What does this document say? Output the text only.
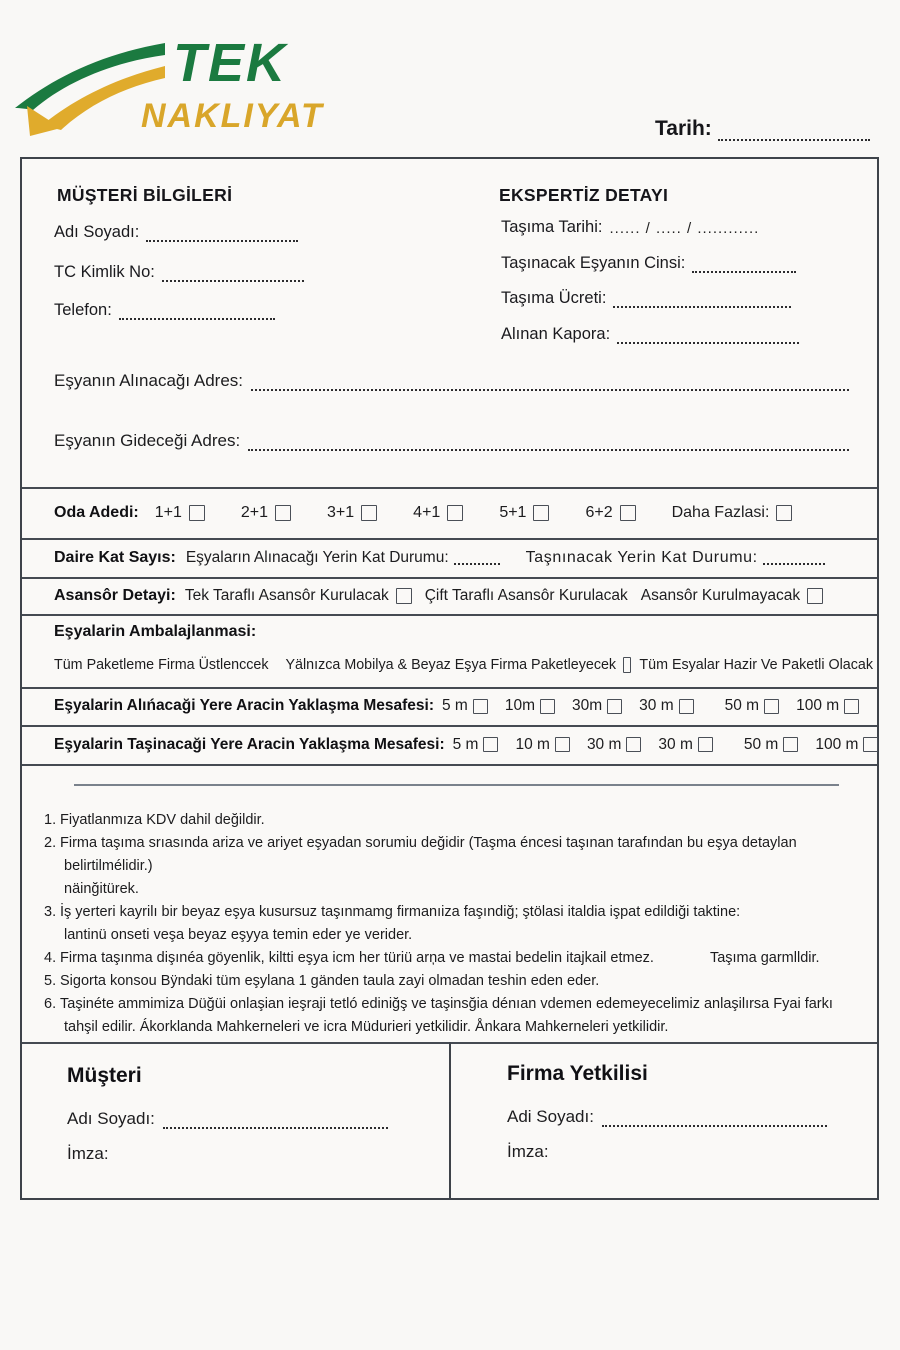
TEK
NAKLIYAT	Tarih:
MÜŞTERİ BİLGİLERİ
Adı Soyadı:
TC Kimlik No:
Telefon:
EKSPERTİZ DETAYI
Taşıma Tarihi: ...... / ..... / ............
Taşınacak Eşyanın Cinsi:
Taşıma Ücreti:
Alınan Kapora:
Eşyanın Alınacağı Adres:
Eşyanın Gideceği Adres:
Oda Adedi: 1+1	2+1	3+1	4+1	5+1	6+2	Daha Fazlasi:
Daire Kat Sayıs: Eşyaların Alınacağı Yerin Kat Durumu:	Taşnınacak Yerin Kat Durumu:
Asansôr Detayi: Tek Taraflı Asansôr Kurulacak Çift Taraflı Asansôr Kurulacak Asansôr Kurulmayacak
Eşyalarin Ambalajlanmasi:
Tüm Paketleme Firma Üstlenccek Yälnızca Mobilya & Beyaz Eşya Firma Paketleyecek Tüm Esyalar Hazir Ve Paketli Olacak
Eşyalarin Alıńacaği Yere Aracin Yaklaşma Mesafesi: 5 m 10m 30m 30 m	50 m 100 m
Eşyalarin Taşinacaği Yere Aracin Yaklaşma Mesafesi: 5 m 10 m 30 m 30 m	50 m 100 m
1. Fiyatlanmıza KDV dahil değildir.
2. Firma taşıma srıasında ariza ve ariyet eşyadan sorumiu değidir (Taşma éncesi taşınan tarafından bu eşya detaylan belirtilmélidir.)
näinğitürek.
3. İş yerteri kayrilı bir beyaz eşya kusursuz taşınmamg firmanıiza faşındiğ; ştölasi italdia işpat edildiği taktine:
lantinü onseti veşa beyaz eşyya temin eder ye verider.
4. Firma taşınma dişınéa göyenlik, kiltti eşya icm her türiü arņa ve mastai bedelin itajkail etmez.	Taşıma garmlldir.
5. Sigorta konsou Bÿndaki tüm eşylana 1 gänden taula zayi olmadan teshin eden eder.
6. Taşinéte ammimiza Düğüi onlaşian ieşraji tetló ediniğş ve taşinsğia dénıan vdemen edemeyecelimiz anlaşilırsa Fyai farkı
tahşil edilir. Ákorklanda Mahkerneleri ve icra Müdurieri yetkilidir. Ånkara Mahkerneleri yetkilidir.
Müşteri
Adı Soyadı:
İmza:
Firma Yetkilisi
Adi Soyadı:
İmza:
